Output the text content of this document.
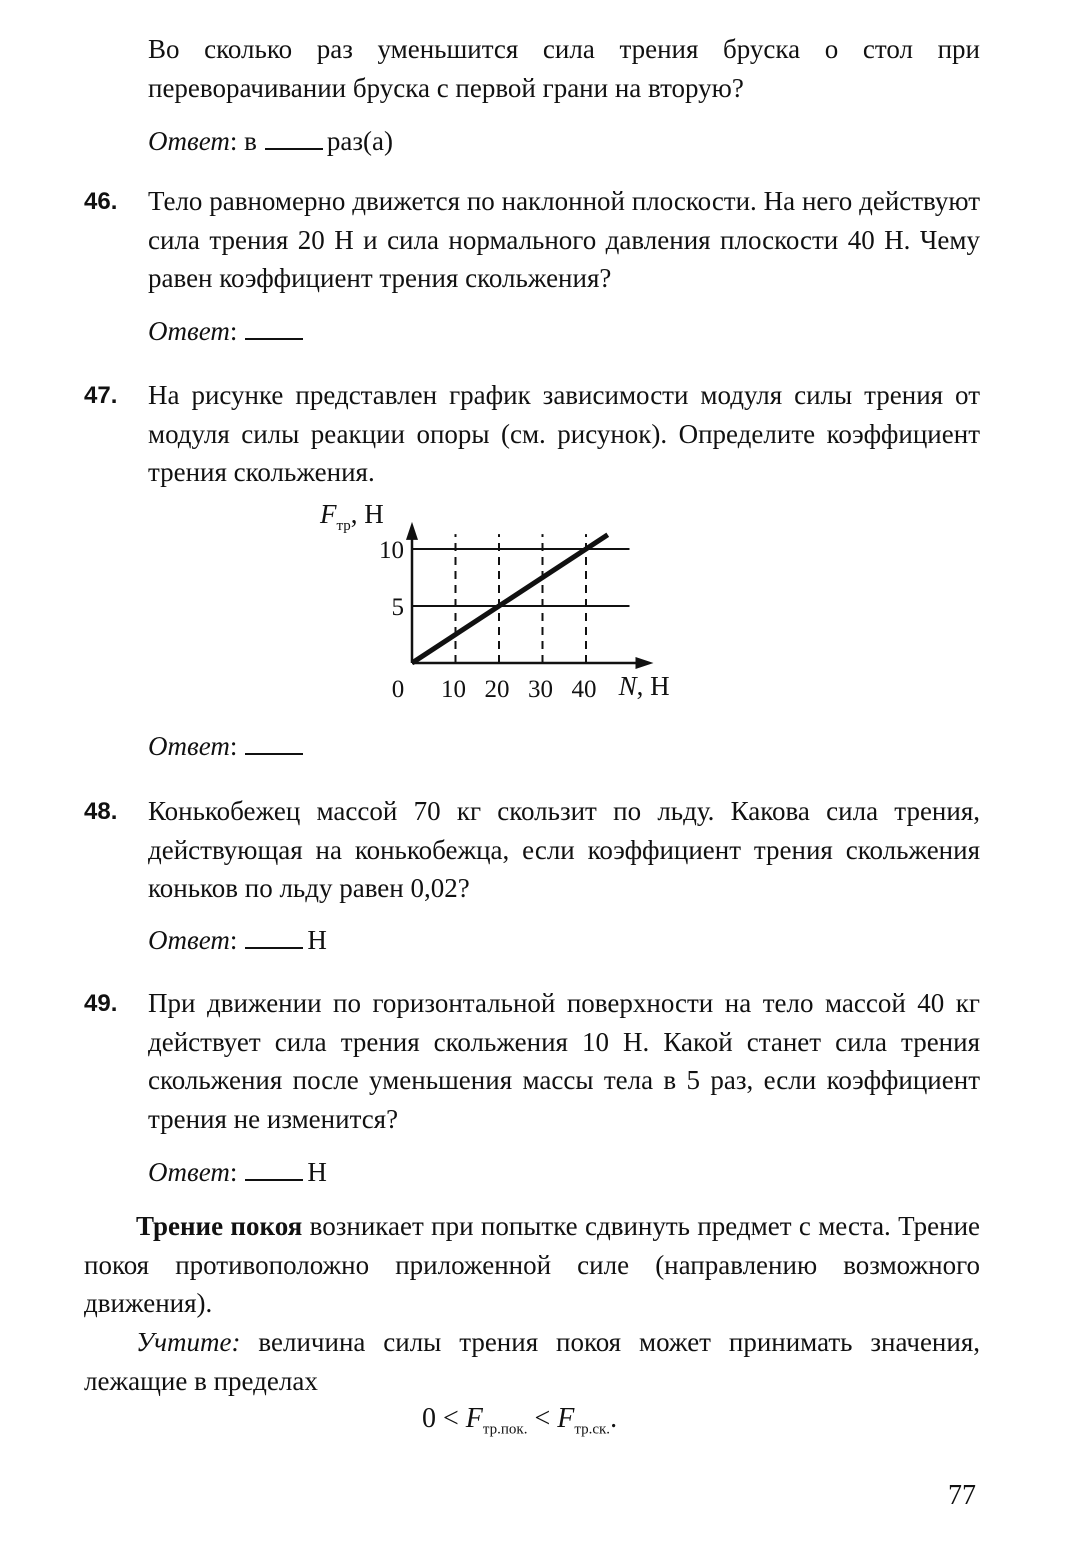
Во сколько раз уменьшится сила трения бруска о стол при переворачивании бруска с первой грани на вторую?

Ответ: в	раз(а)
46. Тело равномерно движется по наклонной плоскости. На него действуют сила трения 20 Н и сила нормального давления плоскости 40 Н. Чему равен коэффициент трения скольжения?

Ответ:
47. На рисунке представлен график зависимости модуля силы трения от модуля силы реакции опоры (см. рисунок). Определите коэффициент трения скольжения.

0 10 20 30 40
5
10
N, Н
$F_{тр}$, Н
Ответ:
48. Конькобежец массой 70 кг скользит по льду. Какова сила трения, действующая на конькобежца, если коэффициент трения скольжения коньков по льду равен 0,02?

Ответ:	Н
49. При движении по горизонтальной поверхности на тело массой 40 кг действует сила трения скольжения 10 Н. Какой станет сила трения скольжения после уменьшения массы тела в 5 раз, если коэффициент трения не изменится?

Ответ:	Н

Трение покоя возникает при попытке сдвинуть предмет с места. Трение покоя противоположно приложенной силе (направлению возможного движения).

Учтите: величина силы трения покоя может принимать значения, лежащие в пределах

$0 < F_{тр.пок.} < F_{тр.ск.}$.
77
